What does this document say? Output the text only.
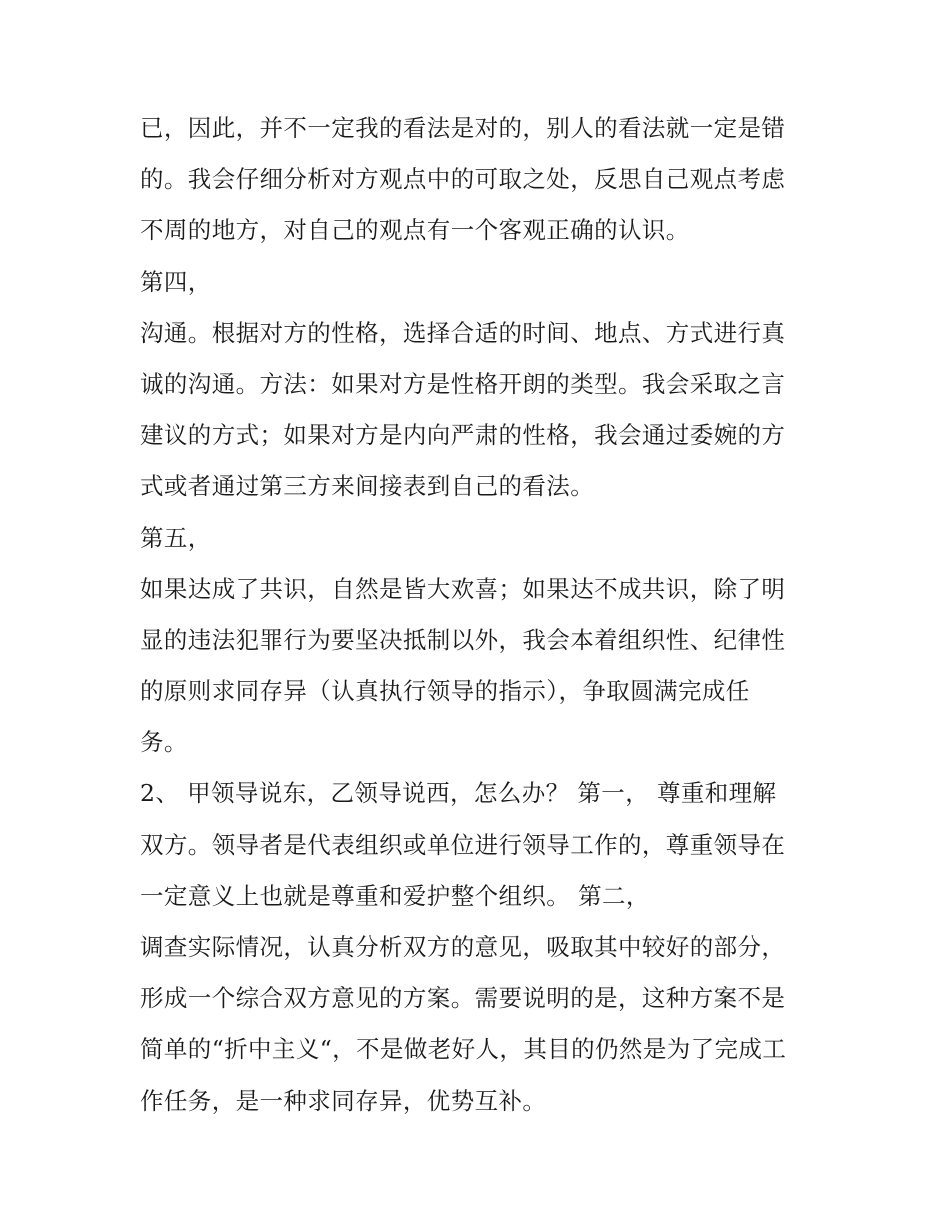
已，因此，并不一定我的看法是对的，别人的看法就一定是错
的。我会仔细分析对方观点中的可取之处，反思自己观点考虑
不周的地方，对自己的观点有一个客观正确的认识。
第四，
沟通。根据对方的性格，选择合适的时间、地点、方式进行真
诚的沟通。方法：如果对方是性格开朗的类型。我会采取之言
建议的方式；如果对方是内向严肃的性格，我会通过委婉的方
式或者通过第三方来间接表到自己的看法。
第五，
如果达成了共识，自然是皆大欢喜；如果达不成共识，除了明
显的违法犯罪行为要坚决抵制以外，我会本着组织性、纪律性
的原则求同存异（认真执行领导的指示），争取圆满完成任
务。
2、 甲领导说东，乙领导说西，怎么办？ 第一， 尊重和理解
双方。领导者是代表组织或单位进行领导工作的，尊重领导在
一定意义上也就是尊重和爱护整个组织。 第二，
调查实际情况，认真分析双方的意见，吸取其中较好的部分，
形成一个综合双方意见的方案。需要说明的是，这种方案不是
简单的“折中主义“，不是做老好人，其目的仍然是为了完成工
作任务，是一种求同存异，优势互补。
